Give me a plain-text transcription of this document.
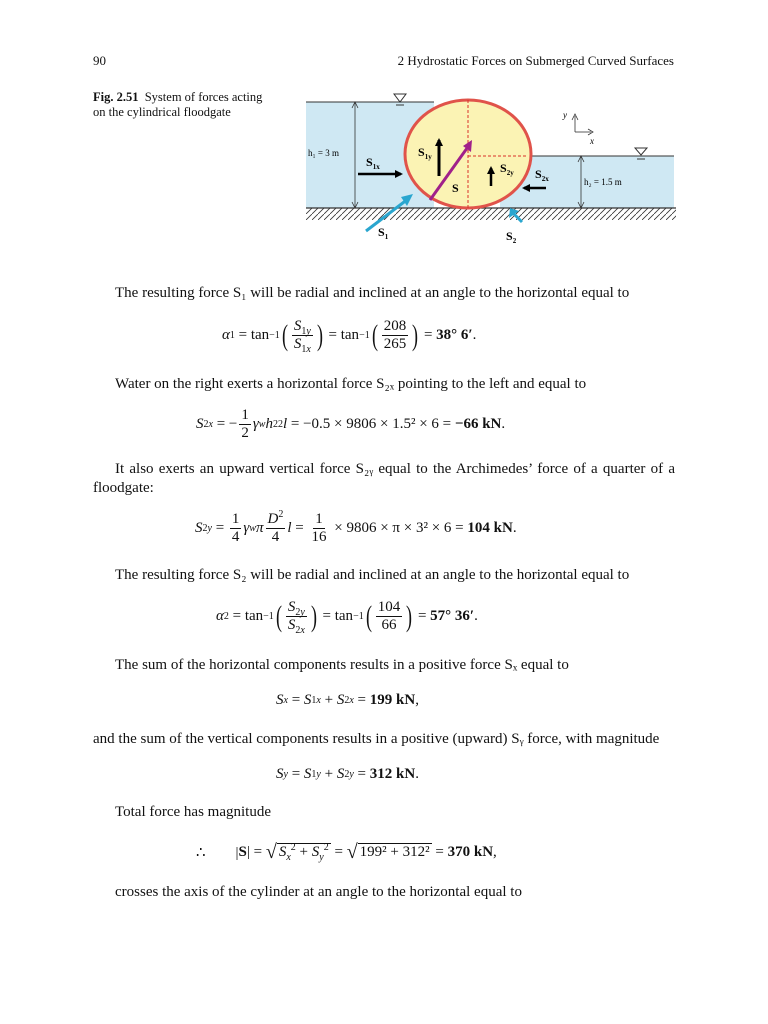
90	2 Hydrostatic Forces on Submerged Curved Surfaces
Fig. 2.51 System of forces acting on the cylindrical floodgate
h₁ = 3 m
h₂ = 1.5 m
y
x
$S_{1x}$
$S_{1y}$
S
$S_{2y}$ $S_{2x}$
$S_1$	$S_2$
The resulting force S₁ will be radial and inclined at an angle to the horizontal equal to
α 1 = tan −1 ( $\frac{S_{1y}}{S_{1x}}$ ) = tan −1 ( $\frac{208}{265}$ ) = 38° 6′ .
Water on the right exerts a horizontal force S₂ₓ pointing to the left and equal to
S 2x = − $\frac{1}{2}$ γ w h 2 2 l
= −0.5 × 9806 × 1.5² × 6 =
−66 kN .
It also exerts an upward vertical force S₂ᵧ equal to the Archimedes’ force of a quarter of a floodgate:
S $2y = \frac{1}{4}$ γ w π $\frac{D^2}{4}$ $l = \frac{1}{16}$
× 9806 × π × 3² × 6 =
104 kN .
The resulting force S₂ will be radial and inclined at an angle to the horizontal equal to
α 2 = tan −1 ( $\frac{S_{2y}}{S_{2x}}$ ) = tan −1 ( $\frac{104}{66}$ ) = 57° 36′ .
The sum of the horizontal components results in a positive force Sₓ equal to
S x = S 1x + S 2x = 199 kN ,
and the sum of the vertical components results in a positive (upward) Sᵧ force, with magnitude
S y = S 1y + S 2y = 312 kN .
Total force has magnitude
∴        | S | = √ $S_x^2 + S_y^2$ = √ 199² + 312² = 370 kN ,
crosses the axis of the cylinder at an angle to the horizontal equal to
